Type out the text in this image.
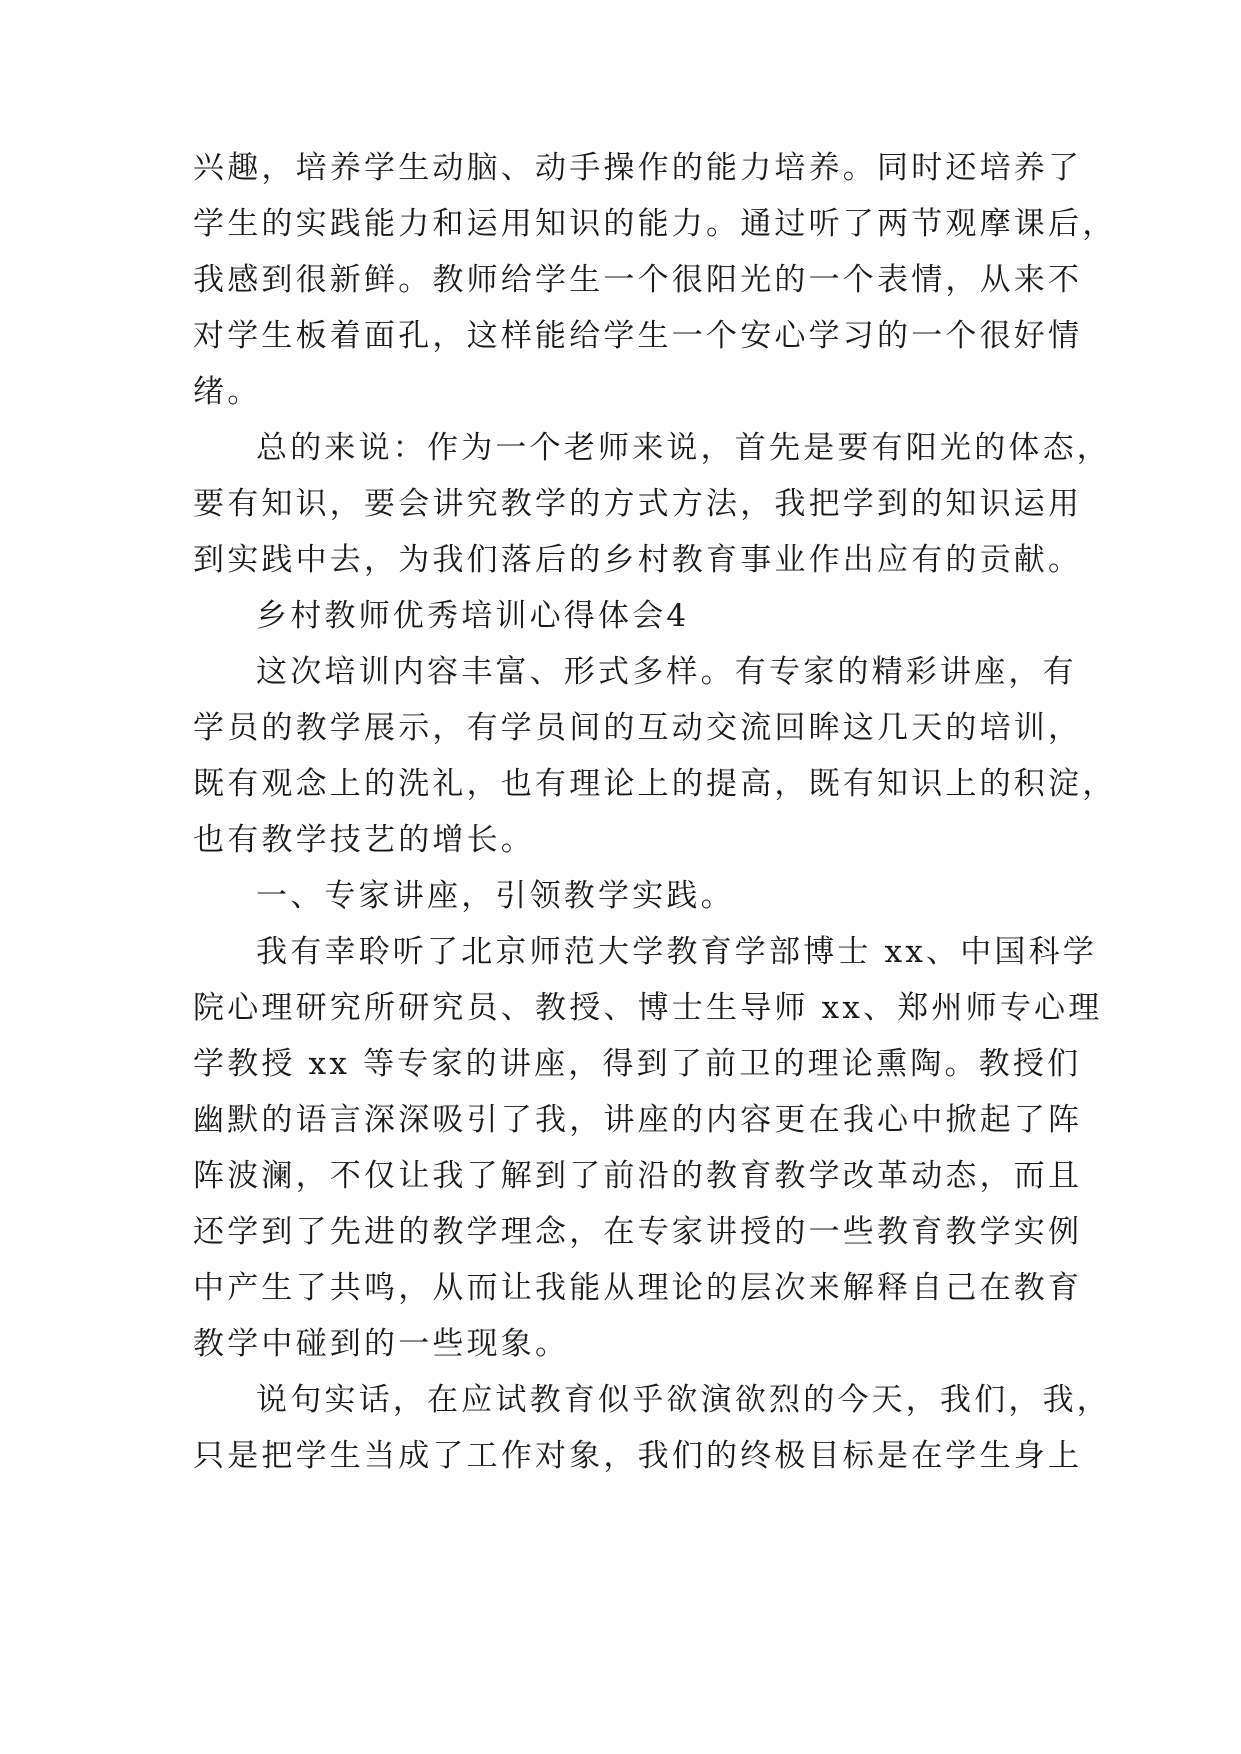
兴趣，培养学生动脑、动手操作的能力培养。同时还培养了
学生的实践能力和运用知识的能力。通过听了两节观摩课后，
我感到很新鲜。教师给学生一个很阳光的一个表情，从来不
对学生板着面孔，这样能给学生一个安心学习的一个很好情
绪。
总的来说：作为一个老师来说，首先是要有阳光的体态，
要有知识，要会讲究教学的方式方法，我把学到的知识运用
到实践中去，为我们落后的乡村教育事业作出应有的贡献。
乡村教师优秀培训心得体会4
这次培训内容丰富、形式多样。有专家的精彩讲座，有
学员的教学展示，有学员间的互动交流回眸这几天的培训，
既有观念上的洗礼，也有理论上的提高，既有知识上的积淀，
也有教学技艺的增长。
一、专家讲座，引领教学实践。
我有幸聆听了北京师范大学教育学部博士 xx、中国科学
院心理研究所研究员、教授、博士生导师 xx、郑州师专心理
学教授 xx 等专家的讲座，得到了前卫的理论熏陶。教授们
幽默的语言深深吸引了我，讲座的内容更在我心中掀起了阵
阵波澜，不仅让我了解到了前沿的教育教学改革动态，而且
还学到了先进的教学理念，在专家讲授的一些教育教学实例
中产生了共鸣，从而让我能从理论的层次来解释自己在教育
教学中碰到的一些现象。
说句实话，在应试教育似乎欲演欲烈的今天，我们，我，
只是把学生当成了工作对象，我们的终极目标是在学生身上
